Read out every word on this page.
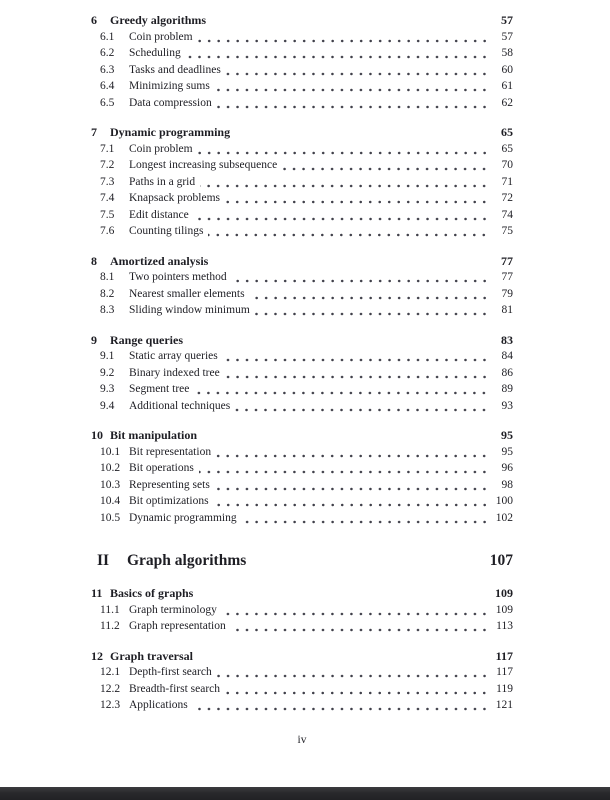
6	Greedy algorithms	57
6.1	Coin problem	57
6.2	Scheduling	58
6.3	Tasks and deadlines	60
6.4	Minimizing sums	61
6.5	Data compression	62
7	Dynamic programming	65
7.1	Coin problem	65
7.2	Longest increasing subsequence	70
7.3	Paths in a grid	71
7.4	Knapsack problems	72
7.5	Edit distance	74
7.6	Counting tilings	75
8	Amortized analysis	77
8.1	Two pointers method	77
8.2	Nearest smaller elements	79
8.3	Sliding window minimum	81
9	Range queries	83
9.1	Static array queries	84
9.2	Binary indexed tree	86
9.3	Segment tree	89
9.4	Additional techniques	93
10 Bit manipulation	95
10.1 Bit representation	95
10.2 Bit operations	96
10.3 Representing sets	98
10.4 Bit optimizations	100
10.5 Dynamic programming	102
II	Graph algorithms	107
11 Basics of graphs	109
11.1 Graph terminology	109
11.2 Graph representation	113
12 Graph traversal	117
12.1 Depth-first search	117
12.2 Breadth-first search	119
12.3 Applications	121
iv
